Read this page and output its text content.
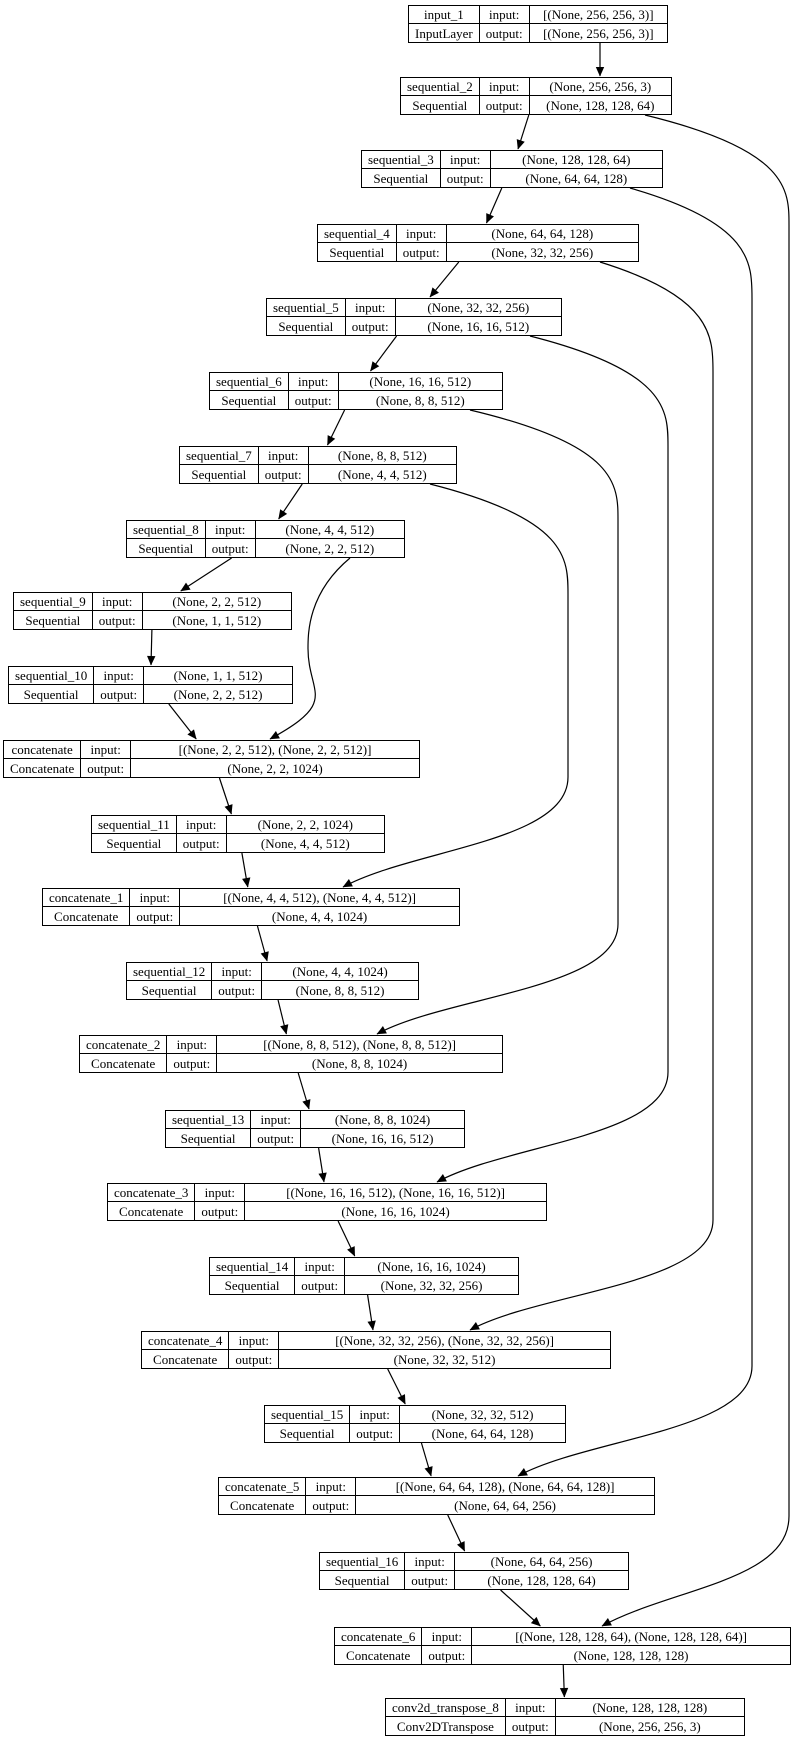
input_1	input:	[(None, 256, 256, 3)]
InputLayer	output:	[(None, 256, 256, 3)]
sequential_2	input:	(None, 256, 256, 3)
Sequential	output:	(None, 128, 128, 64)
sequential_3	input:	(None, 128, 128, 64)
Sequential	output:	(None, 64, 64, 128)
sequential_4	input:	(None, 64, 64, 128)
Sequential	output:	(None, 32, 32, 256)
sequential_5	input:	(None, 32, 32, 256)
Sequential	output:	(None, 16, 16, 512)
sequential_6	input:	(None, 16, 16, 512)
Sequential	output:	(None, 8, 8, 512)
sequential_7	input:	(None, 8, 8, 512)
Sequential	output:	(None, 4, 4, 512)
sequential_8	input:	(None, 4, 4, 512)
Sequential	output:	(None, 2, 2, 512)
sequential_9	input:	(None, 2, 2, 512)
Sequential	output:	(None, 1, 1, 512)
sequential_10	input:	(None, 1, 1, 512)
Sequential	output:	(None, 2, 2, 512)
concatenate	input:	[(None, 2, 2, 512), (None, 2, 2, 512)]
Concatenate	output:	(None, 2, 2, 1024)
sequential_11	input:	(None, 2, 2, 1024)
Sequential	output:	(None, 4, 4, 512)
concatenate_1	input:	[(None, 4, 4, 512), (None, 4, 4, 512)]
Concatenate	output:	(None, 4, 4, 1024)
sequential_12	input:	(None, 4, 4, 1024)
Sequential	output:	(None, 8, 8, 512)
concatenate_2	input:	[(None, 8, 8, 512), (None, 8, 8, 512)]
Concatenate	output:	(None, 8, 8, 1024)
sequential_13	input:	(None, 8, 8, 1024)
Sequential	output:	(None, 16, 16, 512)
concatenate_3	input:	[(None, 16, 16, 512), (None, 16, 16, 512)]
Concatenate	output:	(None, 16, 16, 1024)
sequential_14	input:	(None, 16, 16, 1024)
Sequential	output:	(None, 32, 32, 256)
concatenate_4	input:	[(None, 32, 32, 256), (None, 32, 32, 256)]
Concatenate	output:	(None, 32, 32, 512)
sequential_15	input:	(None, 32, 32, 512)
Sequential	output:	(None, 64, 64, 128)
concatenate_5	input:	[(None, 64, 64, 128), (None, 64, 64, 128)]
Concatenate	output:	(None, 64, 64, 256)
sequential_16	input:	(None, 64, 64, 256)
Sequential	output:	(None, 128, 128, 64)
concatenate_6	input:	[(None, 128, 128, 64), (None, 128, 128, 64)]
Concatenate	output:	(None, 128, 128, 128)
conv2d_transpose_8	input:	(None, 128, 128, 128)
Conv2DTranspose	output:	(None, 256, 256, 3)
